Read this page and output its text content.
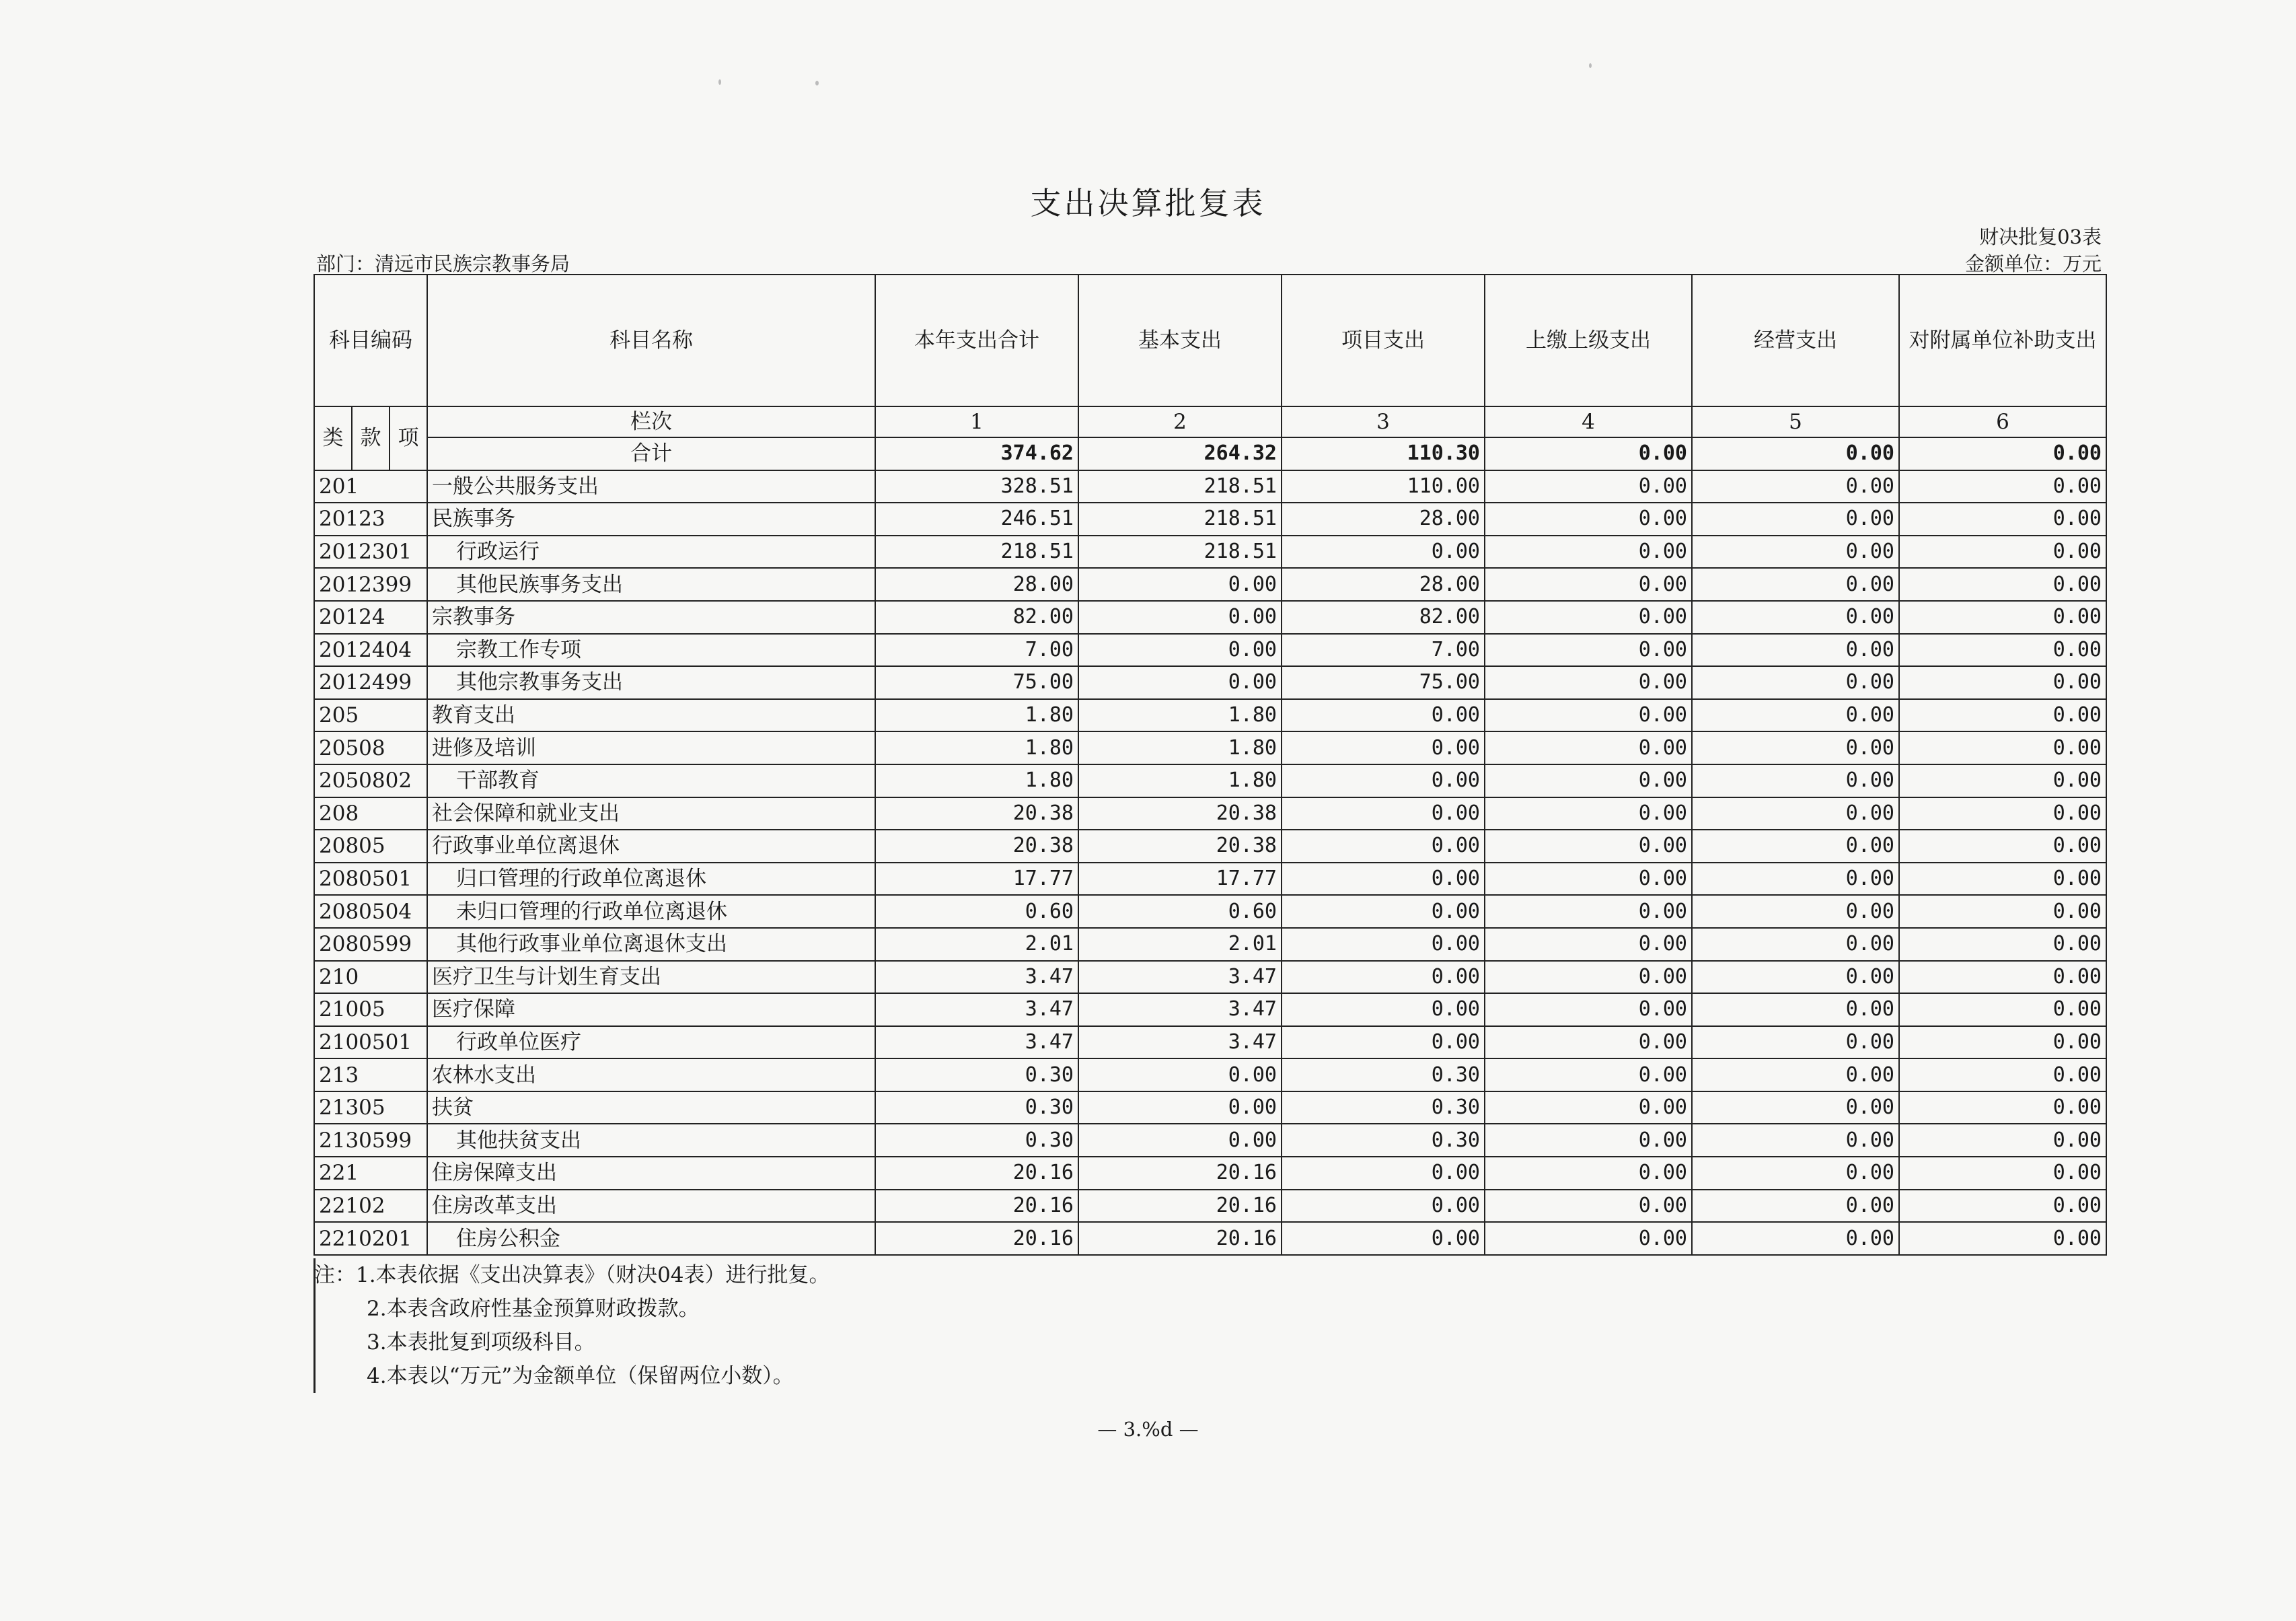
支出决算批复表
财决批复03表
部门：清远市民族宗教事务局	金额单位：万元
科目编码			科目名称	本年支出合计	基本支出	项目支出	上缴上级支出	经营支出	对附属单位补助支出
类	款	项	栏次	1	2	3	4	5	6
			合计	374.62	264.32	110.30	0.00	0.00	0.00
201			一般公共服务支出	328.51	218.51	110.00	0.00	0.00	0.00
20123			民族事务	246.51	218.51	28.00	0.00	0.00	0.00
2012301			行政运行	218.51	218.51	0.00	0.00	0.00	0.00
2012399			其他民族事务支出	28.00	0.00	28.00	0.00	0.00	0.00
20124			宗教事务	82.00	0.00	82.00	0.00	0.00	0.00
2012404			宗教工作专项	7.00	0.00	7.00	0.00	0.00	0.00
2012499			其他宗教事务支出	75.00	0.00	75.00	0.00	0.00	0.00
205			教育支出	1.80	1.80	0.00	0.00	0.00	0.00
20508			进修及培训	1.80	1.80	0.00	0.00	0.00	0.00
2050802			干部教育	1.80	1.80	0.00	0.00	0.00	0.00
208			社会保障和就业支出	20.38	20.38	0.00	0.00	0.00	0.00
20805			行政事业单位离退休	20.38	20.38	0.00	0.00	0.00	0.00
2080501			归口管理的行政单位离退休	17.77	17.77	0.00	0.00	0.00	0.00
2080504			未归口管理的行政单位离退休	0.60	0.60	0.00	0.00	0.00	0.00
2080599			其他行政事业单位离退休支出	2.01	2.01	0.00	0.00	0.00	0.00
210			医疗卫生与计划生育支出	3.47	3.47	0.00	0.00	0.00	0.00
21005			医疗保障	3.47	3.47	0.00	0.00	0.00	0.00
2100501			行政单位医疗	3.47	3.47	0.00	0.00	0.00	0.00
213			农林水支出	0.30	0.00	0.30	0.00	0.00	0.00
21305			扶贫	0.30	0.00	0.30	0.00	0.00	0.00
2130599			其他扶贫支出	0.30	0.00	0.30	0.00	0.00	0.00
221			住房保障支出	20.16	20.16	0.00	0.00	0.00	0.00
22102			住房改革支出	20.16	20.16	0.00	0.00	0.00	0.00
2210201			住房公积金	20.16	20.16	0.00	0.00	0.00	0.00
注：1.本表依据《支出决算表》（财决04表）进行批复。
2.本表含政府性基金预算财政拨款。
3.本表批复到项级科目。
4.本表以“万元”为金额单位（保留两位小数）。
— 3.%d —
